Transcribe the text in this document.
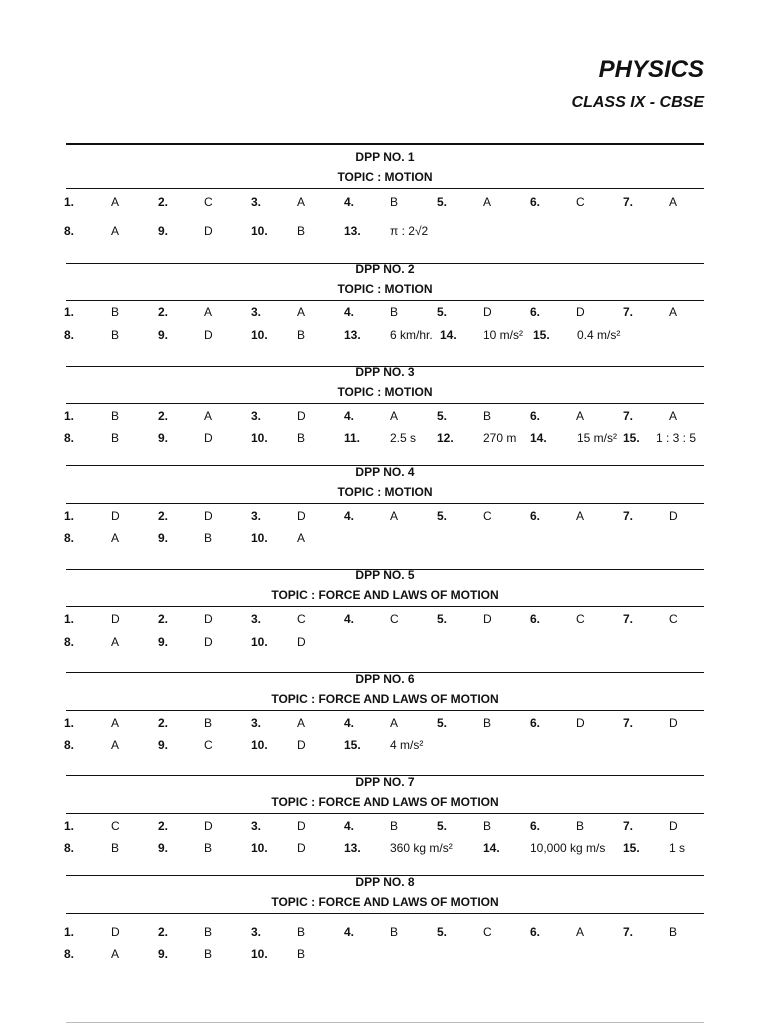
PHYSICS
CLASS IX - CBSE
DPP NO. 1
TOPIC : MOTION
1.	A	2.	C	3.	A	4.	B	5.	A	6.	C	7.	A
8.	A	9.	D	10. B	13. π : 2√2
DPP NO. 2
TOPIC : MOTION
1.	B	2.	A	3.	A	4.	B	5.	D	6.	D	7.	A
8.	B	9.	D	10. B	13. 6 km/hr. 14. 10 m/s² 15. 0.4 m/s²
DPP NO. 3
TOPIC : MOTION
1.	B	2.	A	3.	D	4.	A	5.	B	6.	A	7.	A
8.	B	9.	D	10. B	11. 2.5 s 12. 270 m 14.	15 m/s² 15. 1 : 3 : 5
DPP NO. 4
TOPIC : MOTION
1.	D	2.	D	3.	D	4.	A	5.	C	6.	A	7.	D
8.	A	9.	B	10. A
DPP NO. 5
TOPIC : FORCE AND LAWS OF MOTION
1.	D	2.	D	3.	C	4.	C	5.	D	6.	C	7.	C
8.	A	9.	D	10. D
DPP NO. 6
TOPIC : FORCE AND LAWS OF MOTION
1.	A	2.	B	3.	A	4.	A	5.	B	6.	D	7.	D
8.	A	9.	C	10. D	15. 4 m/s²
DPP NO. 7
TOPIC : FORCE AND LAWS OF MOTION
1.	C	2.	D	3.	D	4.	B	5.	B	6.	B	7.	D
8.	B	9.	B	10. D	13. 360 kg m/s²	14.	10,000 kg m/s 15. 1 s
DPP NO. 8
TOPIC : FORCE AND LAWS OF MOTION
1.	D	2.	B	3.	B	4.	B	5.	C	6.	A	7.	B
8.	A	9.	B	10. B
